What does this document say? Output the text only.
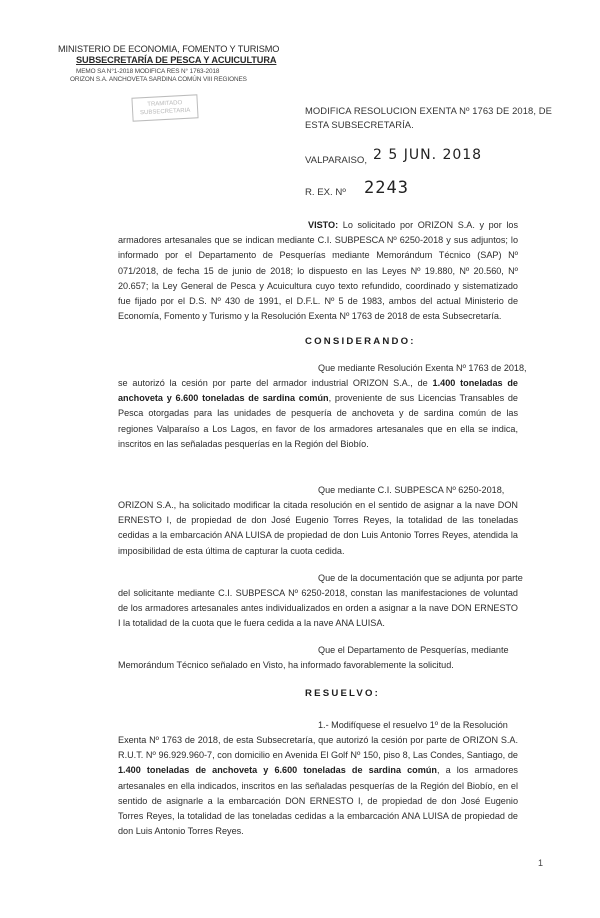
MINISTERIO DE ECONOMIA, FOMENTO Y TURISMO
SUBSECRETARÍA DE PESCA Y ACUICULTURA
MEMO SA N°1-2018 MODIFICA RES N° 1763-2018
ORIZON S.A. ANCHOVETA SARDINA COMÚN VIII REGIONES
TRAMITADO
SUBSECRETARIA	MODIFICA RESOLUCION EXENTA Nº 1763 DE 2018, DE
ESTA SUBSECRETARÍA.
VALPARAISO, 2 5 JUN. 2018
R. EX. Nº 2243

VISTO: Lo solicitado por ORIZON S.A. y por los armadores artesanales que se indican mediante C.I. SUBPESCA Nº 6250-2018 y sus adjuntos; lo informado por el Departamento de Pesquerías mediante Memorándum Técnico (SAP) Nº 071/2018, de fecha 15 de junio de 2018; lo dispuesto en las Leyes Nº 19.880, Nº 20.560, Nº 20.657; la Ley General de Pesca y Acuicultura cuyo texto refundido, coordinado y sistematizado fue fijado por el D.S. Nº 430 de 1991, el D.F.L. Nº 5 de 1983, ambos del actual Ministerio de Economía, Fomento y Turismo y la Resolución Exenta Nº 1763 de 2018 de esta Subsecretaría.

CONSIDERANDO:
Que mediante Resolución Exenta Nº 1763 de 2018,

se autorizó la cesión por parte del armador industrial ORIZON S.A., de 1.400 toneladas de anchoveta y 6.600 toneladas de sardina común, proveniente de sus Licencias Transables de Pesca otorgadas para las unidades de pesquería de anchoveta y de sardina común de las regiones Valparaíso a Los Lagos, en favor de los armadores artesanales que en ella se indica, inscritos en las señaladas pesquerías en la Región del Biobío.

Que mediante C.I. SUBPESCA Nº 6250-2018,

ORIZON S.A., ha solicitado modificar la citada resolución en el sentido de asignar a la nave DON ERNESTO I, de propiedad de don José Eugenio Torres Reyes, la totalidad de las toneladas cedidas a la embarcación ANA LUISA de propiedad de don Luis Antonio Torres Reyes, atendida la imposibilidad de esta última de capturar la cuota cedida.

Que de la documentación que se adjunta por parte

del solicitante mediante C.I. SUBPESCA Nº 6250-2018, constan las manifestaciones de voluntad de los armadores artesanales antes individualizados en orden a asignar a la nave DON ERNESTO I la totalidad de la cuota que le fuera cedida a la nave ANA LUISA.

Que el Departamento de Pesquerías, mediante

Memorándum Técnico señalado en Visto, ha informado favorablemente la solicitud.

RESUELVO:
1.- Modifíquese el resuelvo 1º de la Resolución

Exenta Nº 1763 de 2018, de esta Subsecretaría, que autorizó la cesión por parte de ORIZON S.A. R.U.T. Nº 96.929.960-7, con domicilio en Avenida El Golf Nº 150, piso 8, Las Condes, Santiago, de 1.400 toneladas de anchoveta y 6.600 toneladas de sardina común, a los armadores artesanales en ella indicados, inscritos en las señaladas pesquerías de la Región del Biobío, en el sentido de asignarle a la embarcación DON ERNESTO I, de propiedad de don José Eugenio Torres Reyes, la totalidad de las toneladas cedidas a la embarcación ANA LUISA de propiedad de don Luis Antonio Torres Reyes.

1
